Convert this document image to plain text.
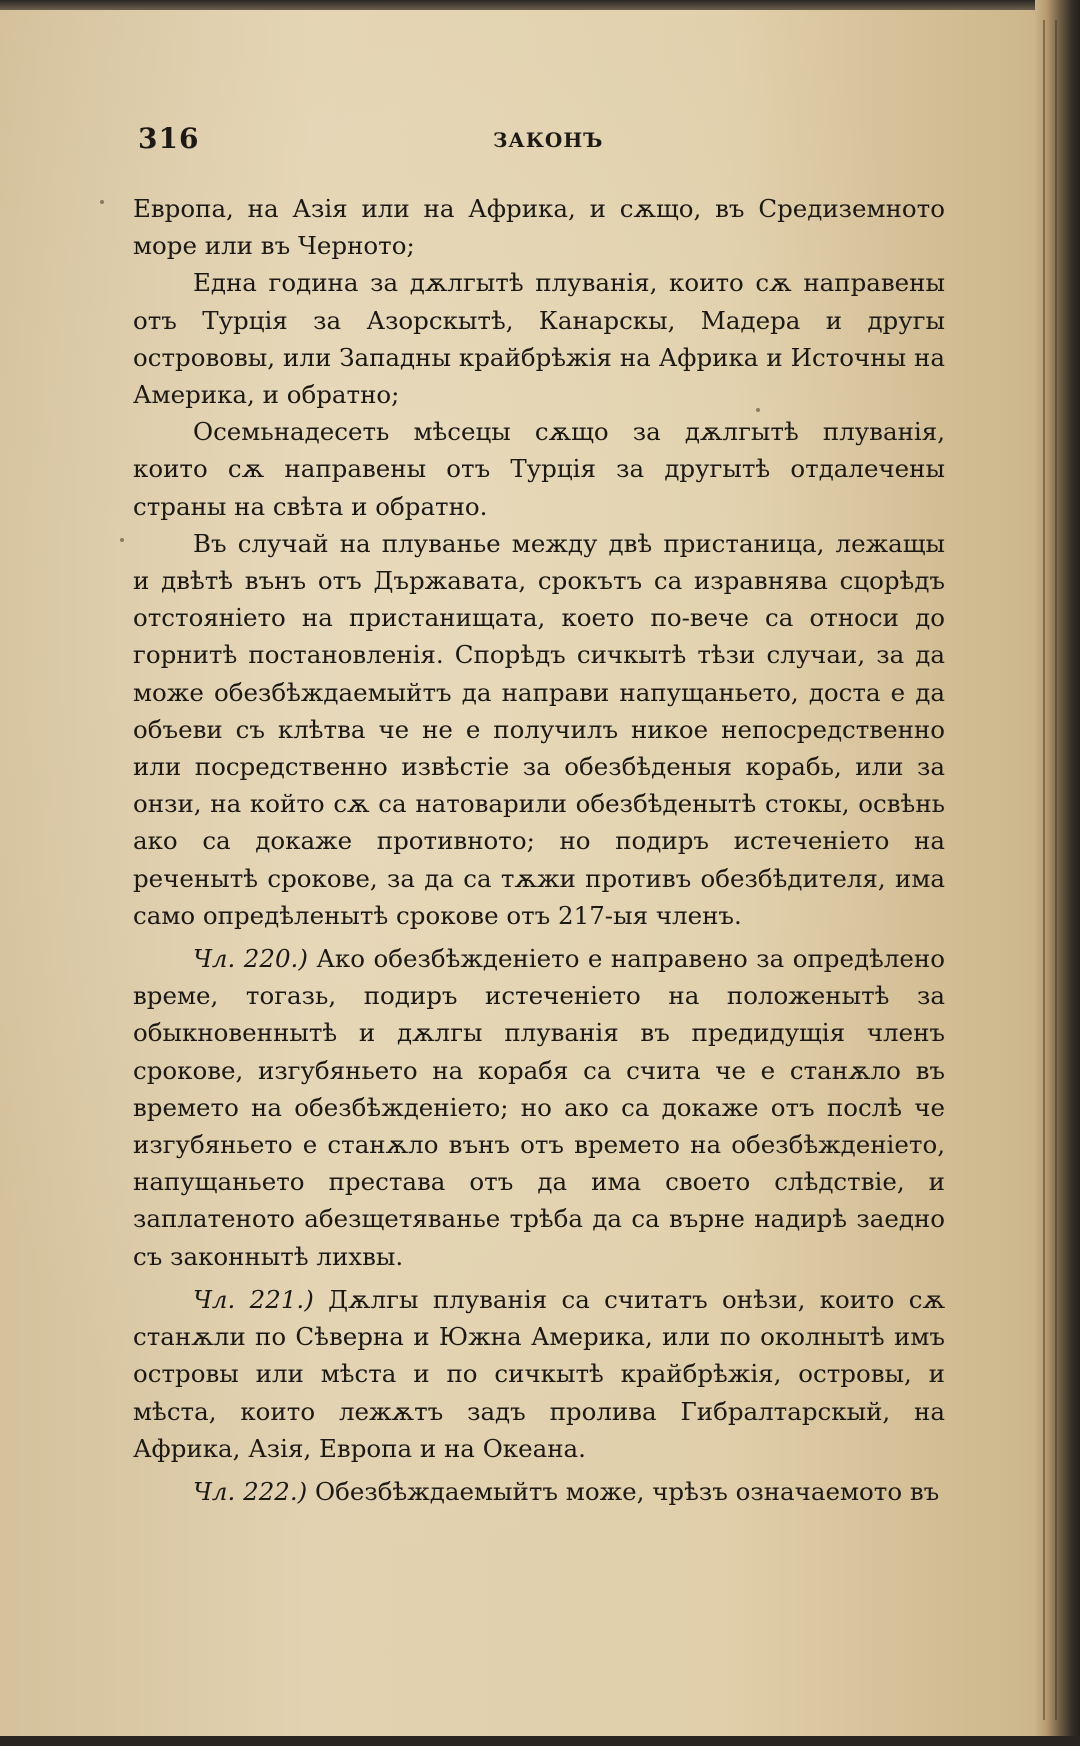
316	ЗАКОНЪ

Европа, на Азія или на Африка, и сѫщо, въ Средиземното море или въ Черното;

Една година за дѫлгытѣ плуванія, които сѫ направены отъ Турція за Азорскытѣ, Канарскы, Мадера и другы острововы, или Западны крайбрѣжія на Африка и Источны на Америка, и обратно;

Осемьнадесеть мѣсецы сѫщо за дѫлгытѣ плуванія, които сѫ направены отъ Турція за другытѣ отдалечены страны на свѣта и обратно.

Въ случай на плуванье между двѣ пристаница, лежащы и двѣтѣ вънъ отъ Държавата, срокътъ са изравнява сцорѣдъ отстояніето на пристанищата, което по-вече са относи до горнитѣ постановленія. Спорѣдъ сичкытѣ тѣзи случаи, за да може обезбѣждаемыйтъ да направи напущаньето, доста е да объеви съ клѣтва че не е получилъ никое непосредственно или посредственно извѣстіе за обезбѣденыя корабь, или за онзи, на който сѫ са натоварили обезбѣденытѣ стокы, освѣнь ако са докаже противното; но подиръ истеченіето на реченытѣ срокове, за да са тѫжи противъ обезбѣдителя, има само опредѣленытѣ срокове отъ 217-ыя членъ.

Чл. 220.) Ако обезбѣжденіето е направено за опредѣлено време, тогазь, подиръ истеченіето на положенытѣ за обыкновеннытѣ и дѫлгы плуванія въ предидущія членъ срокове, изгубяньето на корабя са счита че е станѫло въ времето на обезбѣжденіето; но ако са докаже отъ послѣ че изгубяньето е станѫло вънъ отъ времето на обезбѣжденіето, напущаньето престава отъ да има своето слѣдствіе, и заплатеното абезщетяванье трѣба да са върне надирѣ заедно съ законнытѣ лихвы.

Чл. 221.) Дѫлгы плуванія са считатъ онѣзи, които сѫ станѫли по Сѣверна и Южна Америка, или по околнытѣ имъ островы или мѣста и по сичкытѣ крайбрѣжія, островы, и мѣста, които лежѫтъ задъ пролива Гибралтарскый, на Африка, Азія, Европа и на Океана.

Чл. 222.) Обезбѣждаемыйтъ може, чрѣзъ означаемото въ
